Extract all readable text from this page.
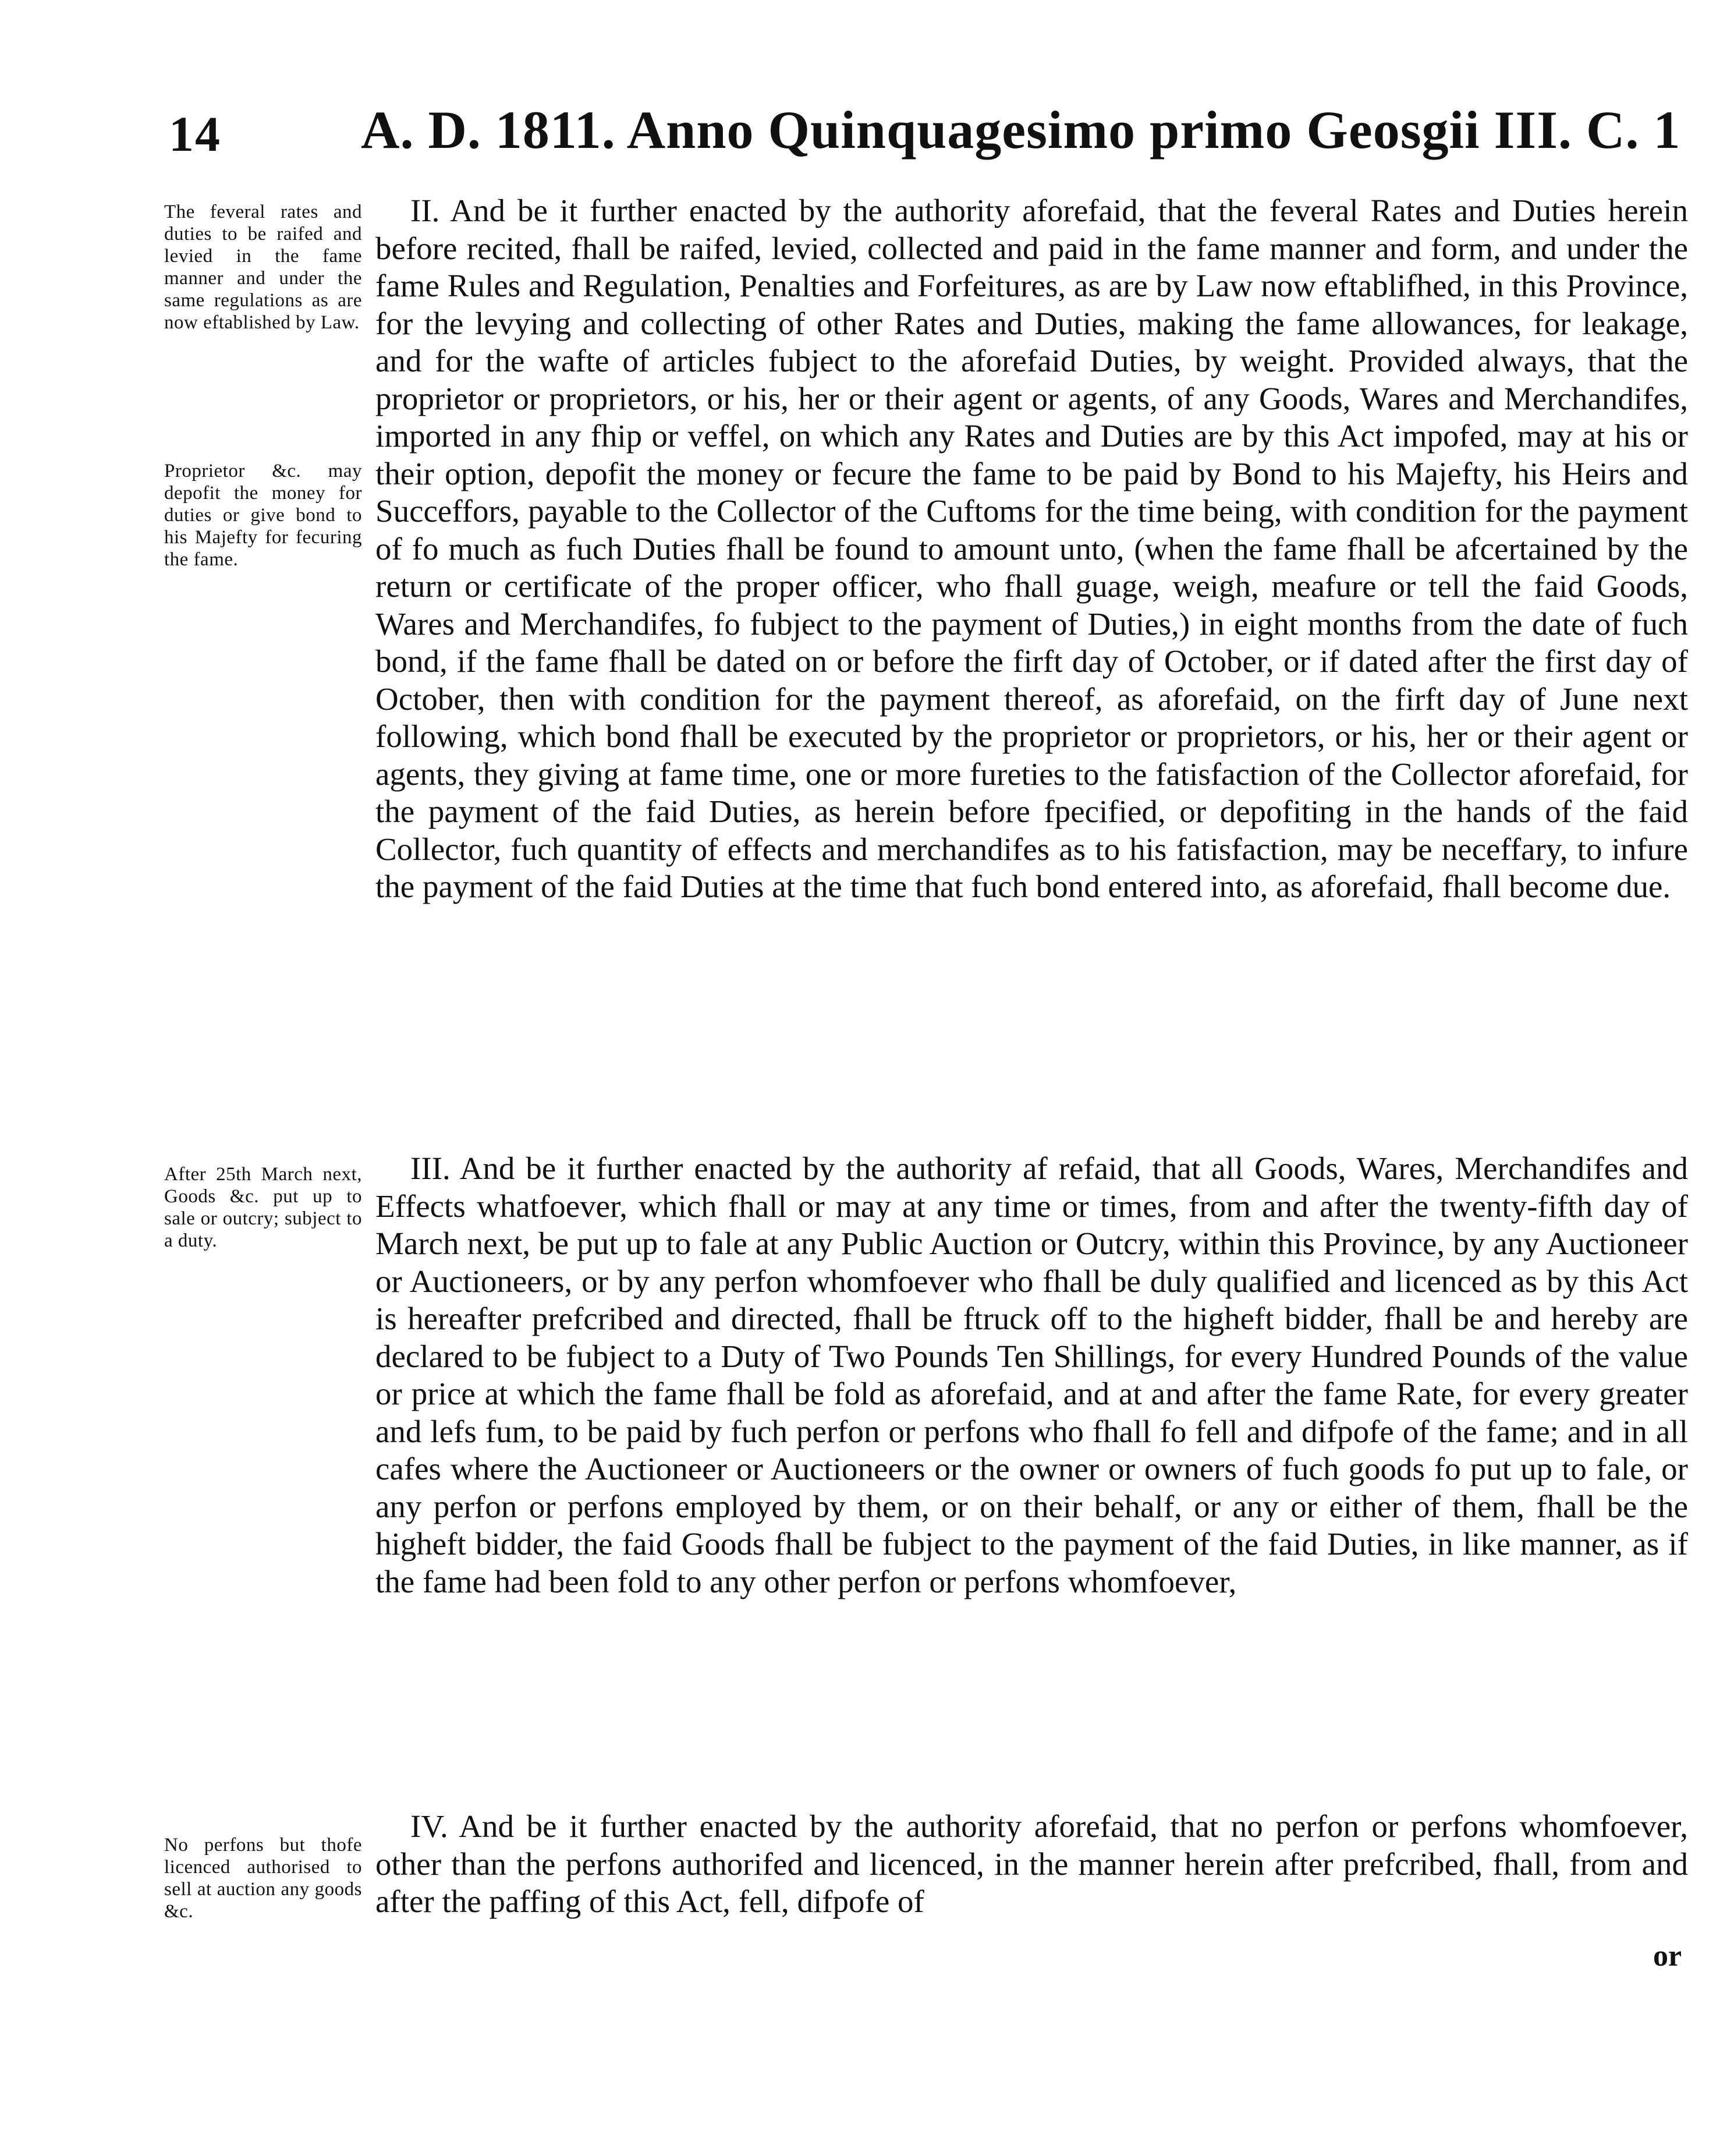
14	A. D. 1811. Anno Quinquagesimo primo Geosgii III. C. 1
The feveral rates and duties to be raifed and levied in the fame manner and under the same regulations as are now eftablished by Law.
Proprietor &c. may depofit the money for duties or give bond to his Majefty for fecuring the fame.
After 25th March next, Goods &c. put up to sale or outcry; subject to a duty.
No perfons but thofe licenced authorised to sell at auction any goods &c.

II. And be it further enacted by the authority aforefaid, that the feveral Rates and Duties herein before recited, fhall be raifed, levied, collected and paid in the fame manner and form, and under the fame Rules and Regulation, Penalties and Forfeitures, as are by Law now eftablifhed, in this Province, for the levying and collecting of other Rates and Duties, making the fame allowances, for leakage, and for the wafte of articles fubject to the aforefaid Duties, by weight. Provided always, that the proprietor or proprietors, or his, her or their agent or agents, of any Goods, Wares and Merchandifes, imported in any fhip or veffel, on which any Rates and Duties are by this Act impofed, may at his or their option, depofit the money or fecure the fame to be paid by Bond to his Majefty, his Heirs and Succeffors, payable to the Collector of the Cuftoms for the time being, with condition for the payment of fo much as fuch Duties fhall be found to amount unto, (when the fame fhall be afcertained by the return or certificate of the proper officer, who fhall guage, weigh, meafure or tell the faid Goods, Wares and Merchandifes, fo fubject to the payment of Duties,) in eight months from the date of fuch bond, if the fame fhall be dated on or before the firft day of October, or if dated after the first day of October, then with condition for the payment thereof, as aforefaid, on the firft day of June next following, which bond fhall be executed by the proprietor or proprietors, or his, her or their agent or agents, they giving at fame time, one or more fureties to the fatisfaction of the Collector aforefaid, for the payment of the faid Duties, as herein before fpecified, or depofiting in the hands of the faid Collector, fuch quantity of effects and merchandifes as to his fatisfaction, may be neceffary, to infure the payment of the faid Duties at the time that fuch bond entered into, as aforefaid, fhall become due.

III. And be it further enacted by the authority af refaid, that all Goods, Wares, Merchandifes and Effects whatfoever, which fhall or may at any time or times, from and after the twenty-fifth day of March next, be put up to fale at any Public Auction or Outcry, within this Province, by any Auctioneer or Auctioneers, or by any perfon whomfoever who fhall be duly qualified and licenced as by this Act is hereafter prefcribed and directed, fhall be ftruck off to the higheft bidder, fhall be and hereby are declared to be fubject to a Duty of Two Pounds Ten Shillings, for every Hundred Pounds of the value or price at which the fame fhall be fold as aforefaid, and at and after the fame Rate, for every greater and lefs fum, to be paid by fuch perfon or perfons who fhall fo fell and difpofe of the fame; and in all cafes where the Auctioneer or Auctioneers or the owner or owners of fuch goods fo put up to fale, or any perfon or perfons employed by them, or on their behalf, or any or either of them, fhall be the higheft bidder, the faid Goods fhall be fubject to the payment of the faid Duties, in like manner, as if the fame had been fold to any other perfon or perfons whomfoever,

IV. And be it further enacted by the authority aforefaid, that no perfon or perfons whomfoever, other than the perfons authorifed and licenced, in the manner herein after prefcribed, fhall, from and after the paffing of this Act, fell, difpofe of

or
